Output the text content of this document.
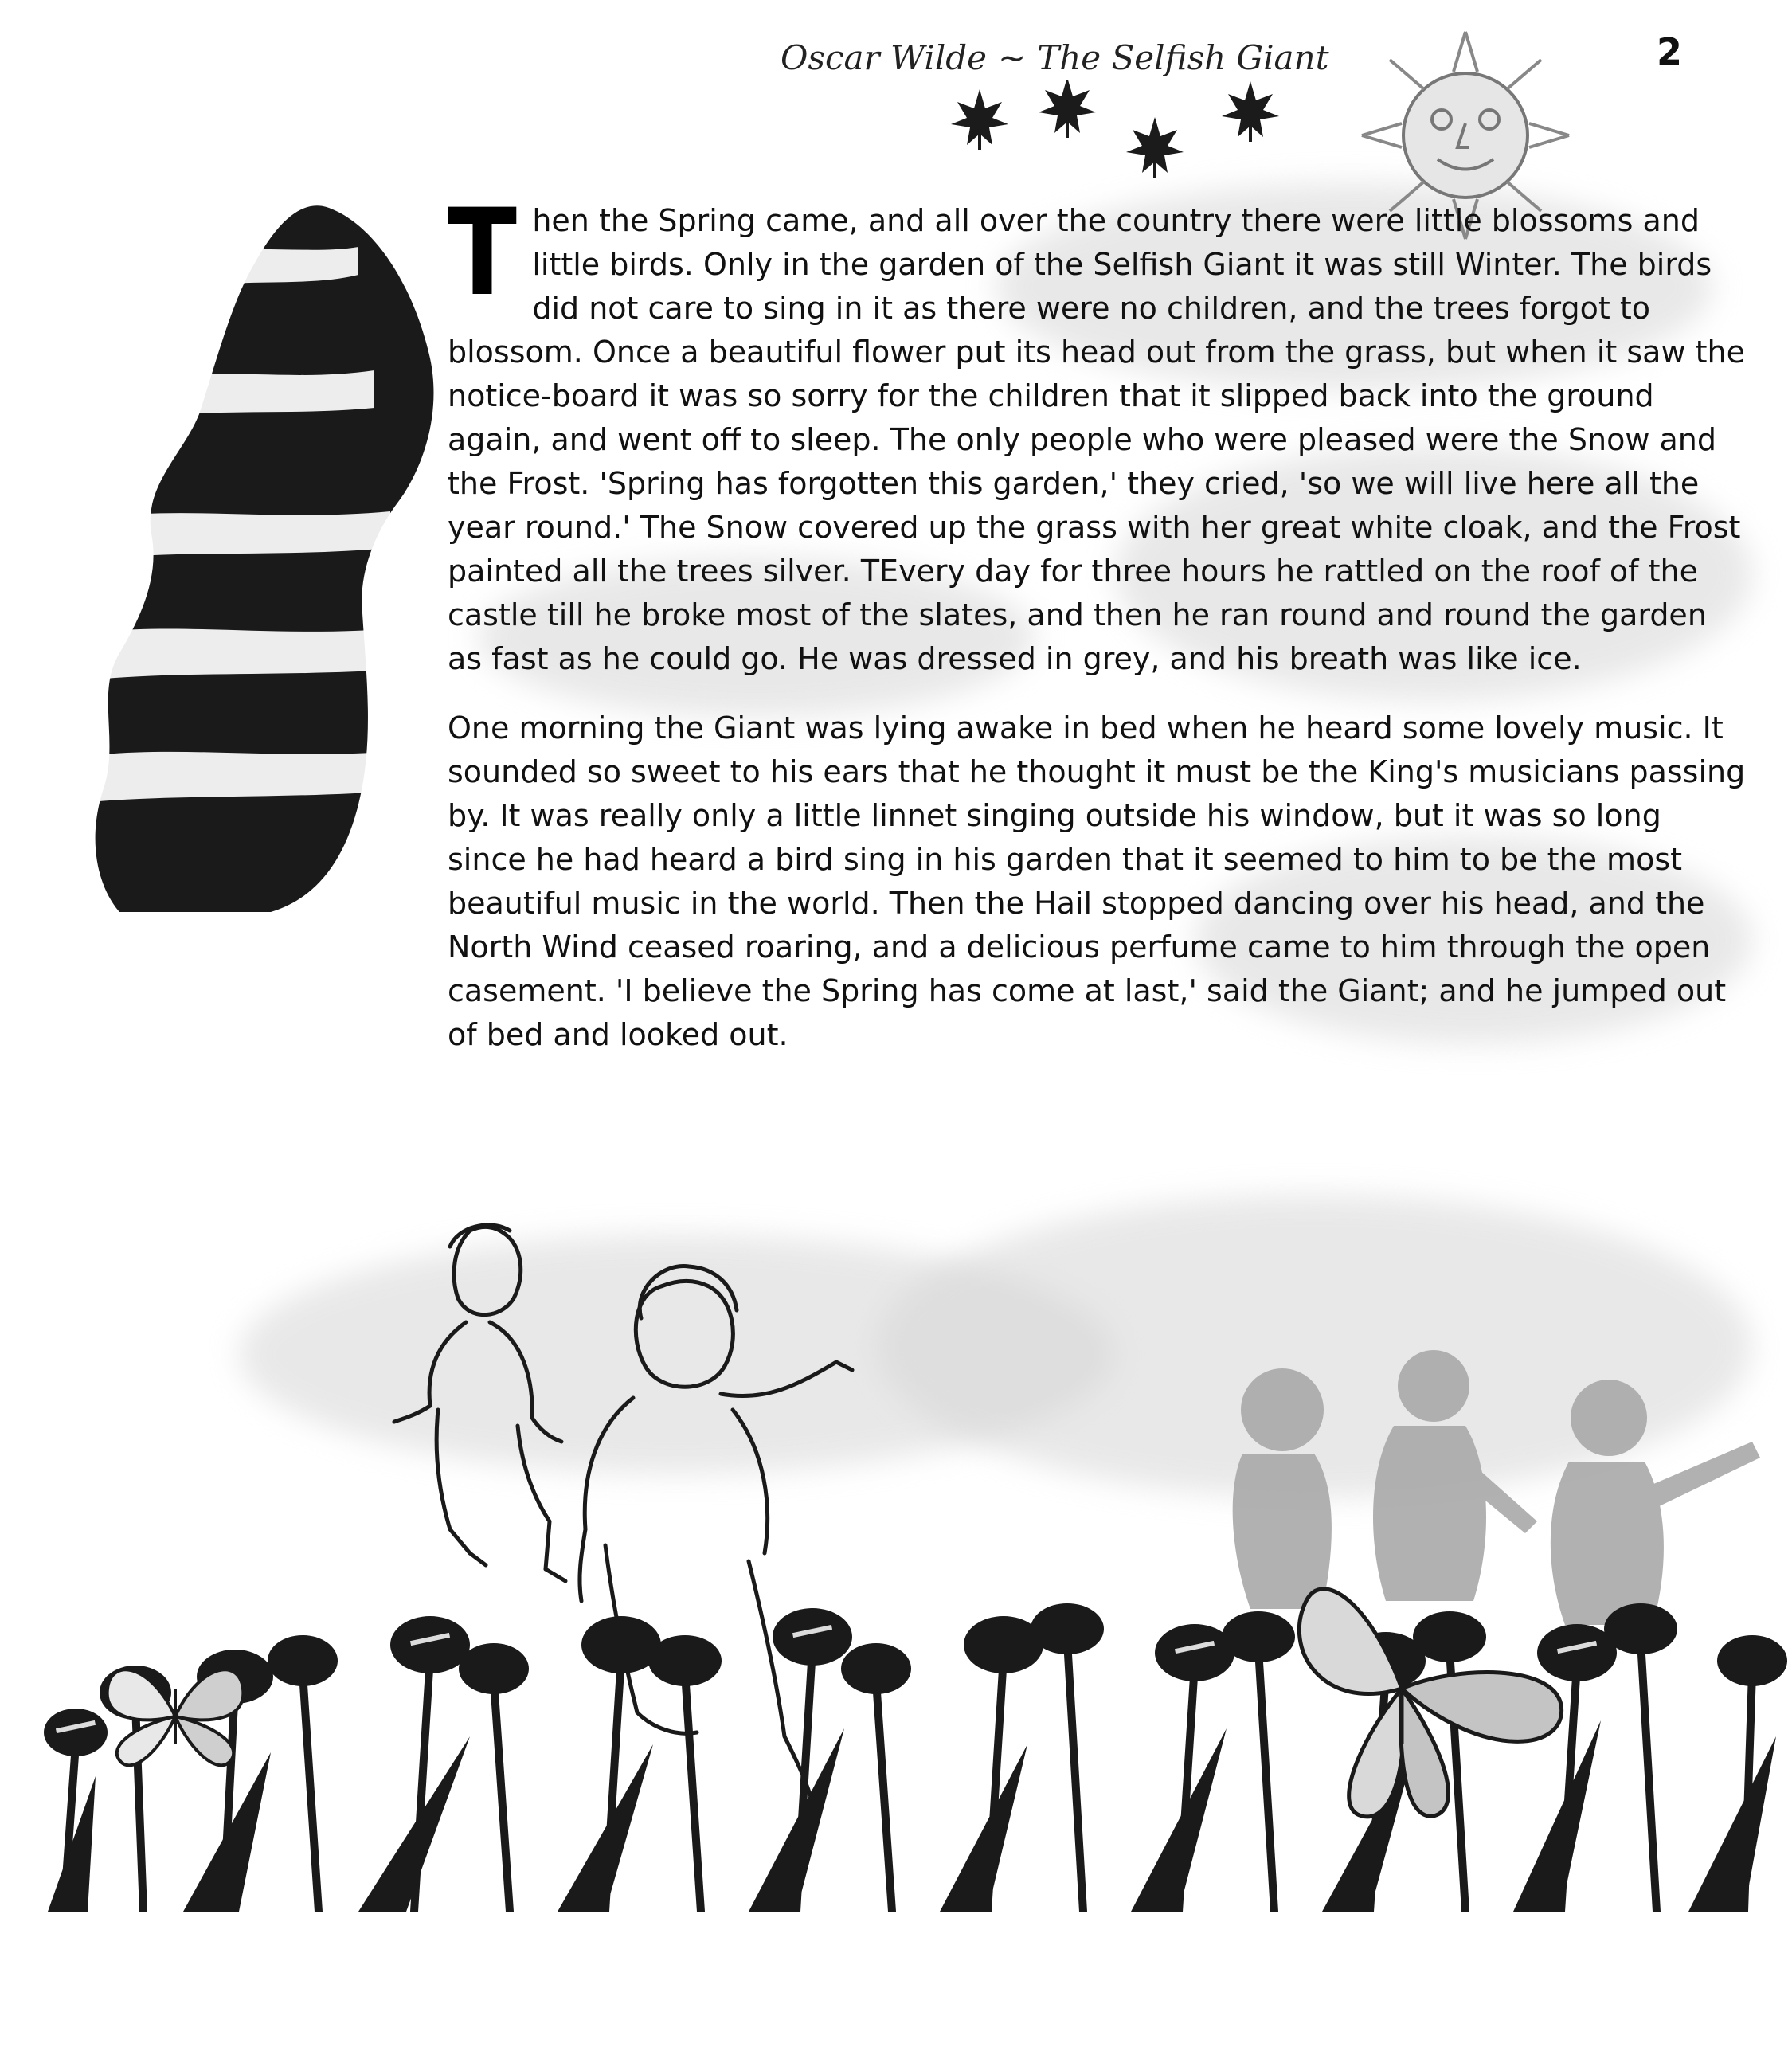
Oscar Wilde ~ The Selfish Giant	2

Then the Spring came, and all over the country there were little blossoms and little birds. Only in the garden of the Selfish Giant it was still Winter. The birds did not care to sing in it as there were no children, and the trees forgot to blossom. Once a beautiful flower put its head out from the grass, but when it saw the notice-board it was so sorry for the children that it slipped back into the ground again, and went off to sleep. The only people who were pleased were the Snow and the Frost. 'Spring has forgotten this garden,' they cried, 'so we will live here all the year round.' The Snow covered up the grass with her great white cloak, and the Frost painted all the trees silver. TEvery day for three hours he rattled on the roof of the castle till he broke most of the slates, and then he ran round and round the garden as fast as he could go. He was dressed in grey, and his breath was like ice.

One morning the Giant was lying awake in bed when he heard some lovely music. It sounded so sweet to his ears that he thought it must be the King's musicians passing by. It was really only a little linnet singing outside his window, but it was so long since he had heard a bird sing in his garden that it seemed to him to be the most beautiful music in the world. Then the Hail stopped dancing over his head, and the North Wind ceased roaring, and a delicious perfume came to him through the open casement. 'I believe the Spring has come at last,' said the Giant; and he jumped out of bed and looked out.
